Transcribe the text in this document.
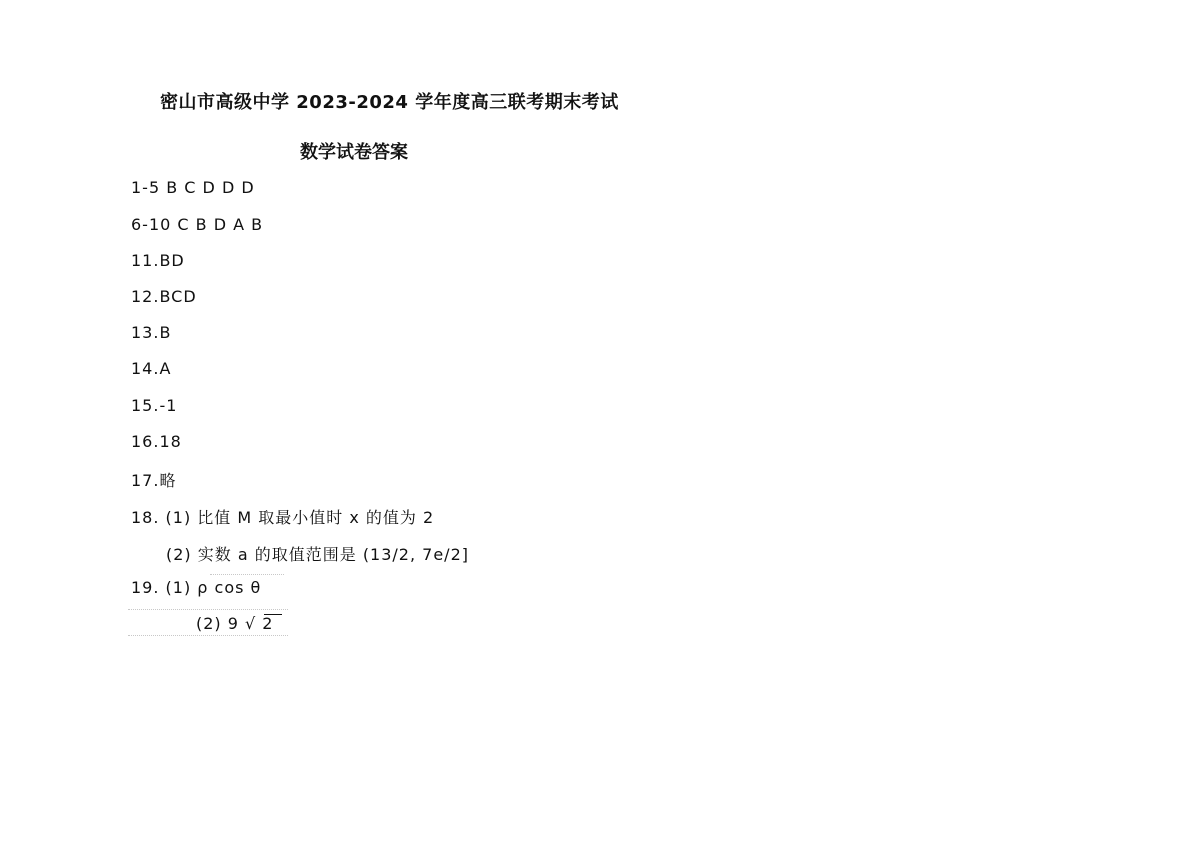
密山市高级中学 2023-2024 学年度高三联考期末考试
数学试卷答案
1-5 B C D D D
6-10 C B D A B
11.BD
12.BCD
13.B
14.A
15.-1
16.18
17.略
18. (1) 比值 M 取最小值时 x 的值为 2
(2) 实数 a 的取值范围是 (13/2, 7e/2]
19. (1) ρ cos θ
(2) 9 √ 2
